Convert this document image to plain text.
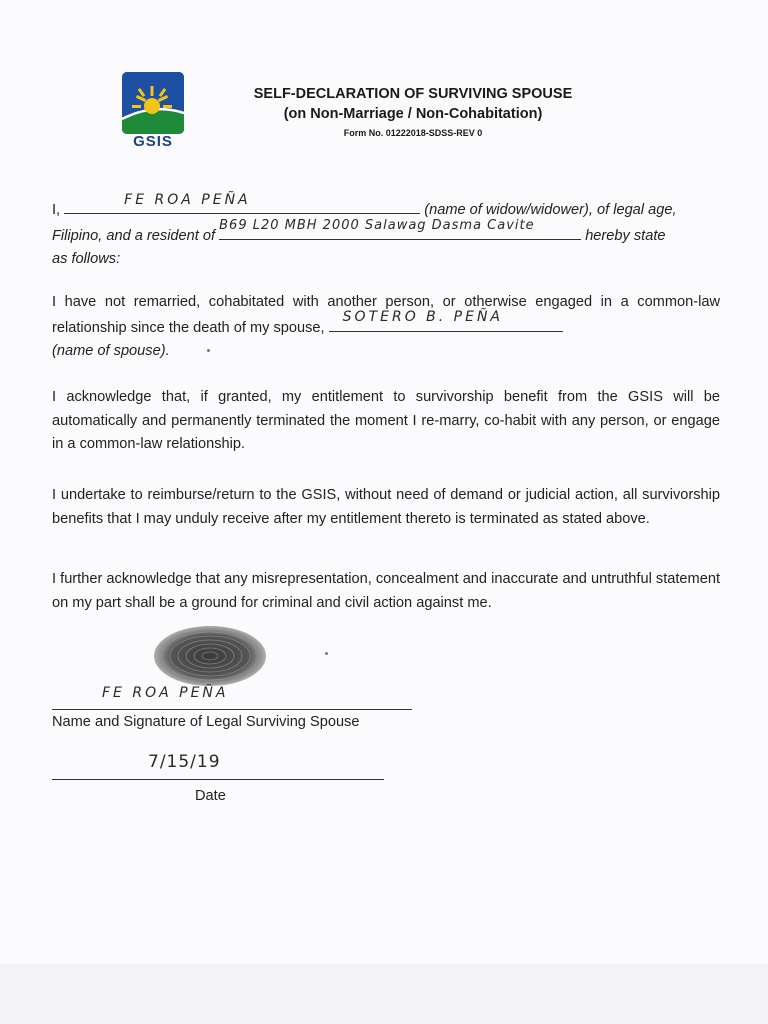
GSIS
SELF-DECLARATION OF SURVIVING SPOUSE
(on Non-Marriage / Non-Cohabitation)
Form No. 01222018-SDSS-REV 0

I,
FE ROA PEÑA
(name of widow/widower), of legal age,
Filipino, and a resident of
B69 L20 MBH 2000 Salawag Dasma Cavite
hereby state
as follows:

I have not remarried, cohabitated with another person, or otherwise engaged in a common-law relationship since the death of my spouse,
SOTERO B. PEÑA

(name of spouse).

I acknowledge that, if granted, my entitlement to survivorship benefit from the GSIS will be automatically and permanently terminated the moment I re-marry, co-habit with any person, or engage in a common-law relationship.

I undertake to reimburse/return to the GSIS, without need of demand or judicial action, all survivorship benefits that I may unduly receive after my entitlement thereto is terminated as stated above.

I further acknowledge that any misrepresentation, concealment and inaccurate and untruthful statement on my part shall be a ground for criminal and civil action against me.

FE ROA PEÑA
Name and Signature of Legal Surviving Spouse
7/15/19
Date
